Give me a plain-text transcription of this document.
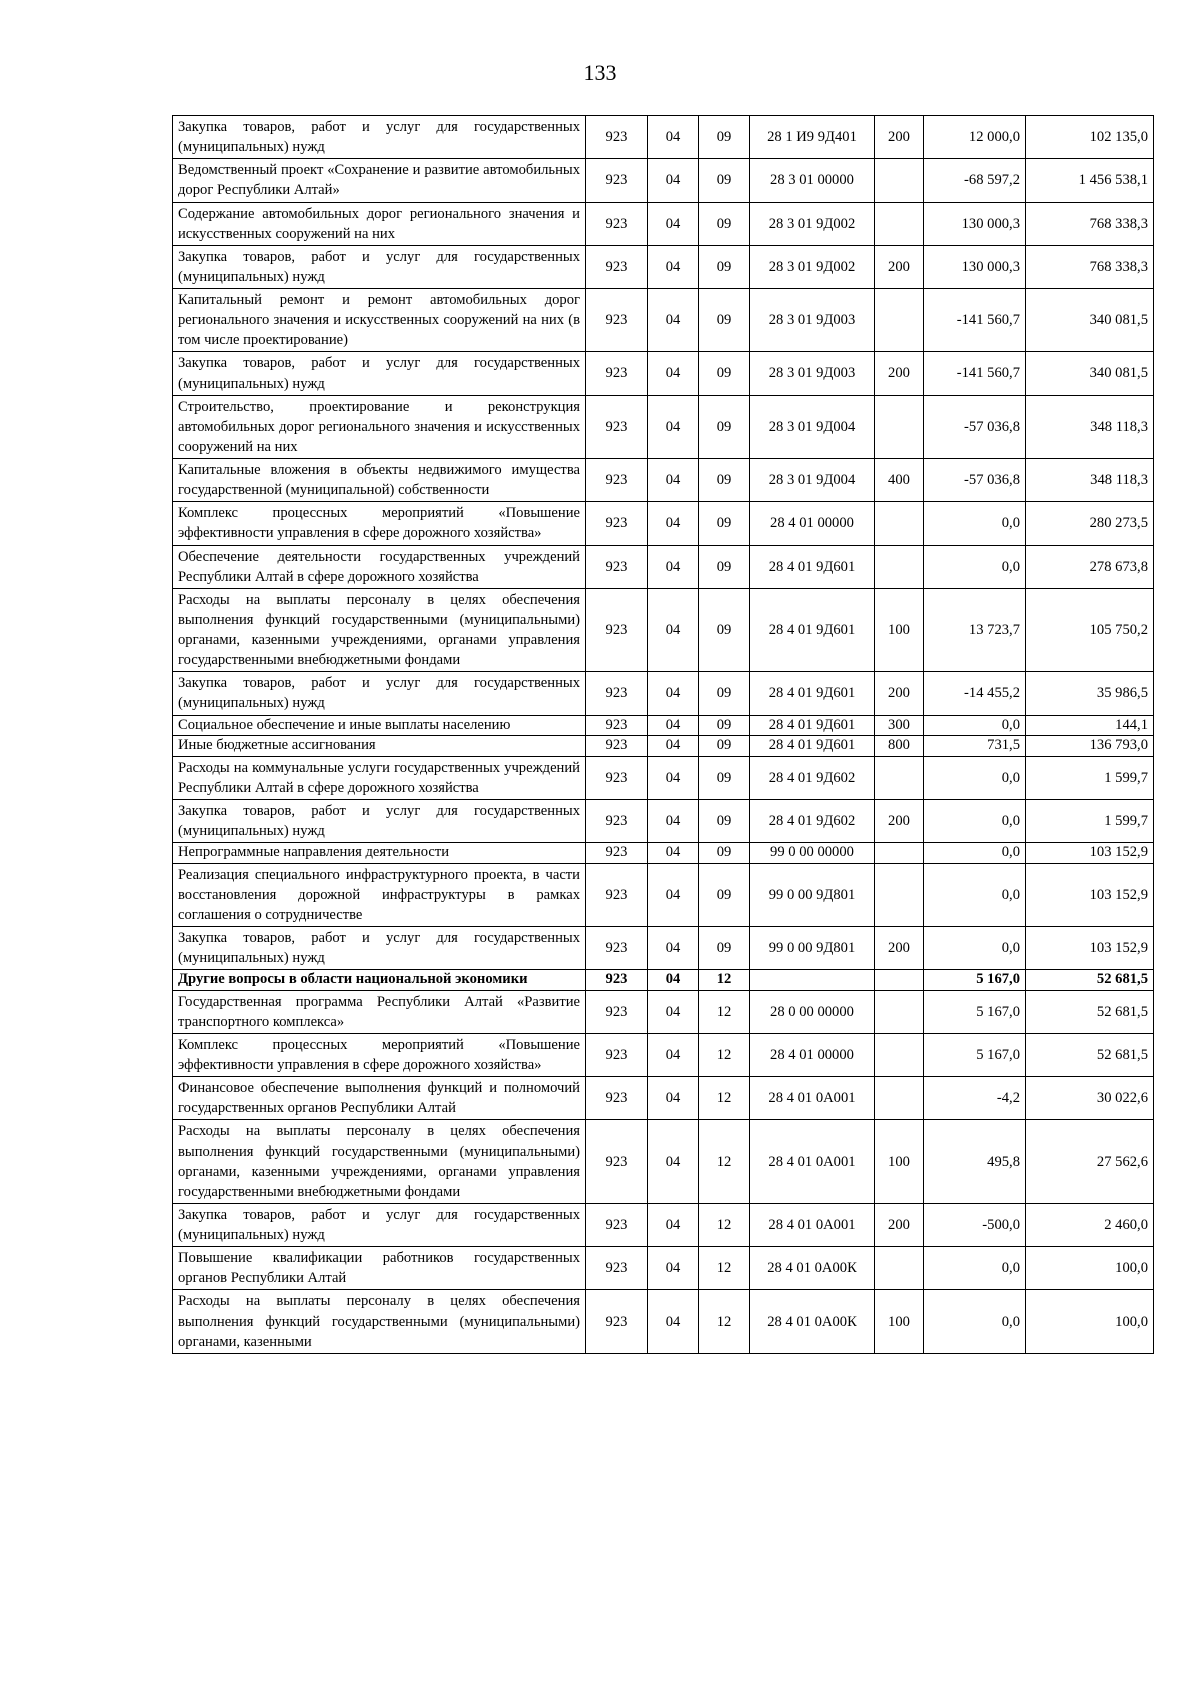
133
Закупка товаров, работ и услуг для государственных (муниципальных) нужд	923	04	09	28 1 И9 9Д401	200	12 000,0	102 135,0
Ведомственный проект «Сохранение и развитие автомобильных дорог Республики Алтай»	923	04	09	28 3 01 00000		-68 597,2	1 456 538,1
Содержание автомобильных дорог регионального значения и искусственных сооружений на них	923	04	09	28 3 01 9Д002		130 000,3	768 338,3
Закупка товаров, работ и услуг для государственных (муниципальных) нужд	923	04	09	28 3 01 9Д002	200	130 000,3	768 338,3
Капитальный ремонт и ремонт автомобильных дорог регионального значения и искусственных сооружений на них (в том числе проектирование)	923	04	09	28 3 01 9Д003		-141 560,7	340 081,5
Закупка товаров, работ и услуг для государственных (муниципальных) нужд	923	04	09	28 3 01 9Д003	200	-141 560,7	340 081,5
Строительство, проектирование и реконструкция автомобильных дорог регионального значения и искусственных сооружений на них	923	04	09	28 3 01 9Д004		-57 036,8	348 118,3
Капитальные вложения в объекты недвижимого имущества государственной (муниципальной) собственности	923	04	09	28 3 01 9Д004	400	-57 036,8	348 118,3
Комплекс процессных мероприятий «Повышение эффективности управления в сфере дорожного хозяйства»	923	04	09	28 4 01 00000		0,0	280 273,5
Обеспечение деятельности государственных учреждений Республики Алтай в сфере дорожного хозяйства	923	04	09	28 4 01 9Д601		0,0	278 673,8
Расходы на выплаты персоналу в целях обеспечения выполнения функций государственными (муниципальными) органами, казенными учреждениями, органами управления государственными внебюджетными фондами	923	04	09	28 4 01 9Д601	100	13 723,7	105 750,2
Закупка товаров, работ и услуг для государственных (муниципальных) нужд	923	04	09	28 4 01 9Д601	200	-14 455,2	35 986,5
Социальное обеспечение и иные выплаты населению	923	04	09	28 4 01 9Д601	300	0,0	144,1
Иные бюджетные ассигнования	923	04	09	28 4 01 9Д601	800	731,5	136 793,0
Расходы на коммунальные услуги государственных учреждений Республики Алтай в сфере дорожного хозяйства	923	04	09	28 4 01 9Д602		0,0	1 599,7
Закупка товаров, работ и услуг для государственных (муниципальных) нужд	923	04	09	28 4 01 9Д602	200	0,0	1 599,7
Непрограммные направления деятельности	923	04	09	99 0 00 00000		0,0	103 152,9
Реализация специального инфраструктурного проекта, в части восстановления дорожной инфраструктуры в рамках соглашения о сотрудничестве	923	04	09	99 0 00 9Д801		0,0	103 152,9
Закупка товаров, работ и услуг для государственных (муниципальных) нужд	923	04	09	99 0 00 9Д801	200	0,0	103 152,9
Другие вопросы в области национальной экономики	923	04	12			5 167,0	52 681,5
Государственная программа Республики Алтай «Развитие транспортного комплекса»	923	04	12	28 0 00 00000		5 167,0	52 681,5
Комплекс процессных мероприятий «Повышение эффективности управления в сфере дорожного хозяйства»	923	04	12	28 4 01 00000		5 167,0	52 681,5
Финансовое обеспечение выполнения функций и полномочий государственных органов Республики Алтай	923	04	12	28 4 01 0А001		-4,2	30 022,6
Расходы на выплаты персоналу в целях обеспечения выполнения функций государственными (муниципальными) органами, казенными учреждениями, органами управления государственными внебюджетными фондами	923	04	12	28 4 01 0А001	100	495,8	27 562,6
Закупка товаров, работ и услуг для государственных (муниципальных) нужд	923	04	12	28 4 01 0А001	200	-500,0	2 460,0
Повышение квалификации работников государственных органов Республики Алтай	923	04	12	28 4 01 0А00К		0,0	100,0
Расходы на выплаты персоналу в целях обеспечения выполнения функций государственными (муниципальными) органами, казенными	923	04	12	28 4 01 0А00К	100	0,0	100,0
